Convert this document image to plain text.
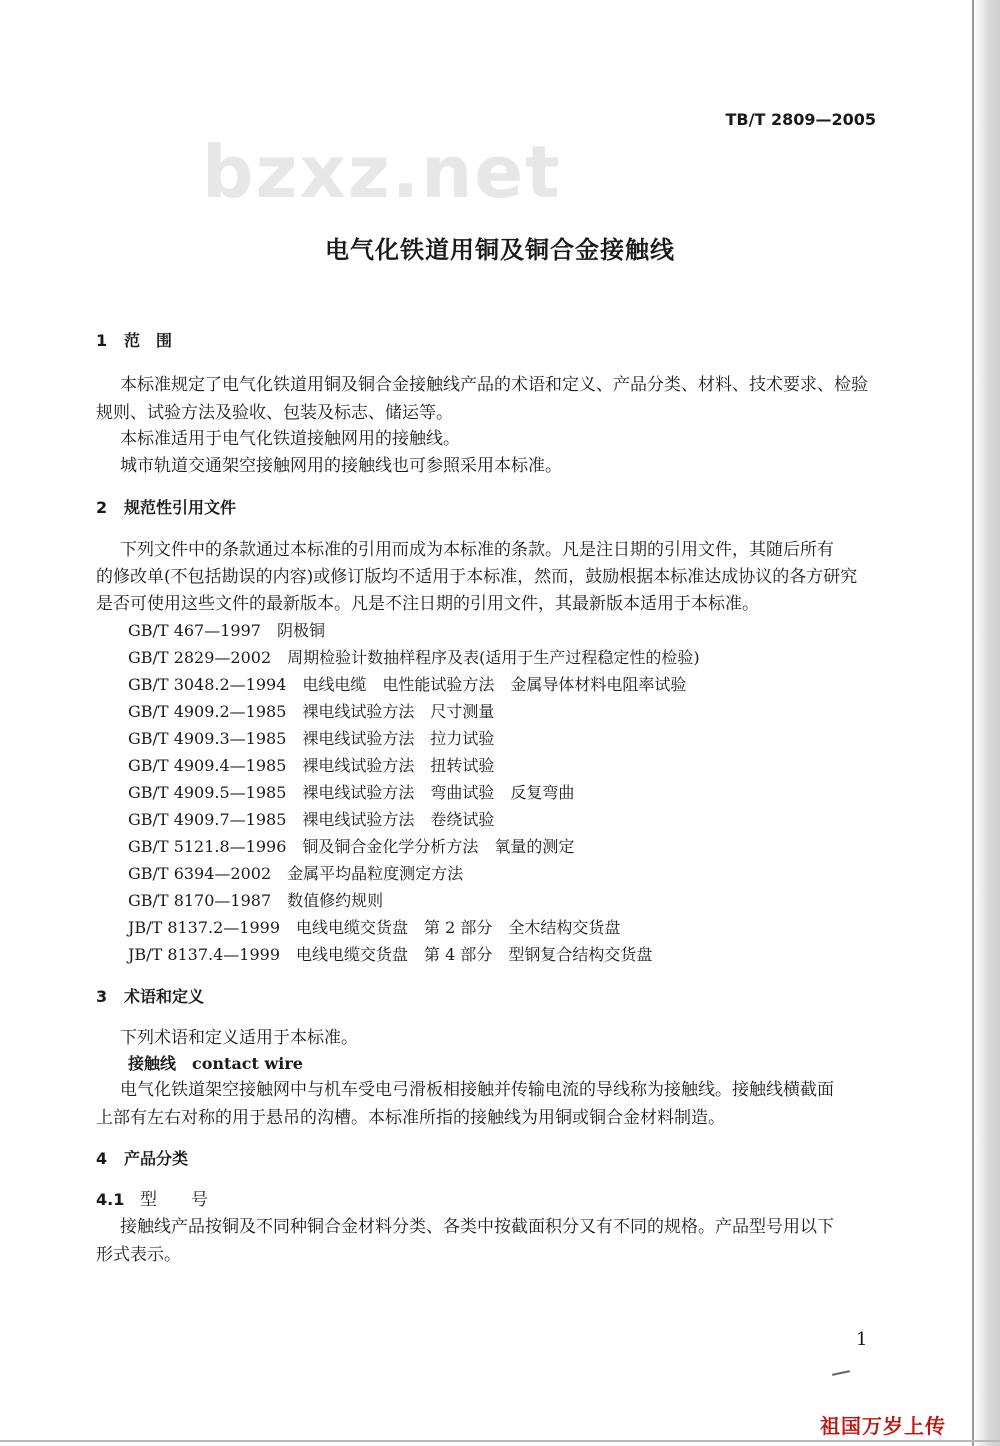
TB/T 2809—2005
bzxz.net
电气化铁道用铜及铜合金接触线
1 范　围
本标准规定了电气化铁道用铜及铜合金接触线产品的术语和定义、产品分类、材料、技术要求、检验
规则、试验方法及验收、包装及标志、储运等。
本标准适用于电气化铁道接触网用的接触线。
城市轨道交通架空接触网用的接触线也可参照采用本标准。
2 规范性引用文件
下列文件中的条款通过本标准的引用而成为本标准的条款。凡是注日期的引用文件，其随后所有
的修改单(不包括勘误的内容)或修订版均不适用于本标准，然而，鼓励根据本标准达成协议的各方研究
是否可使用这些文件的最新版本。凡是不注日期的引用文件，其最新版本适用于本标准。
GB/T 467—1997　阴极铜
GB/T 2829—2002　周期检验计数抽样程序及表(适用于生产过程稳定性的检验)
GB/T 3048.2—1994　电线电缆　电性能试验方法　金属导体材料电阻率试验
GB/T 4909.2—1985　裸电线试验方法　尺寸测量
GB/T 4909.3—1985　裸电线试验方法　拉力试验
GB/T 4909.4—1985　裸电线试验方法　扭转试验
GB/T 4909.5—1985　裸电线试验方法　弯曲试验　反复弯曲
GB/T 4909.7—1985　裸电线试验方法　卷绕试验
GB/T 5121.8—1996　铜及铜合金化学分析方法　氧量的测定
GB/T 6394—2002　金属平均晶粒度测定方法
GB/T 8170—1987　数值修约规则
JB/T 8137.2—1999　电线电缆交货盘　第 2 部分　全木结构交货盘
JB/T 8137.4—1999　电线电缆交货盘　第 4 部分　型钢复合结构交货盘
3 术语和定义
下列术语和定义适用于本标准。
接触线　contact wire
电气化铁道架空接触网中与机车受电弓滑板相接触并传输电流的导线称为接触线。接触线横截面
上部有左右对称的用于悬吊的沟槽。本标准所指的接触线为用铜或铜合金材料制造。
4 产品分类
4.1 型　　号
接触线产品按铜及不同种铜合金材料分类、各类中按截面积分又有不同的规格。产品型号用以下
形式表示。
1
祖国万岁上传
